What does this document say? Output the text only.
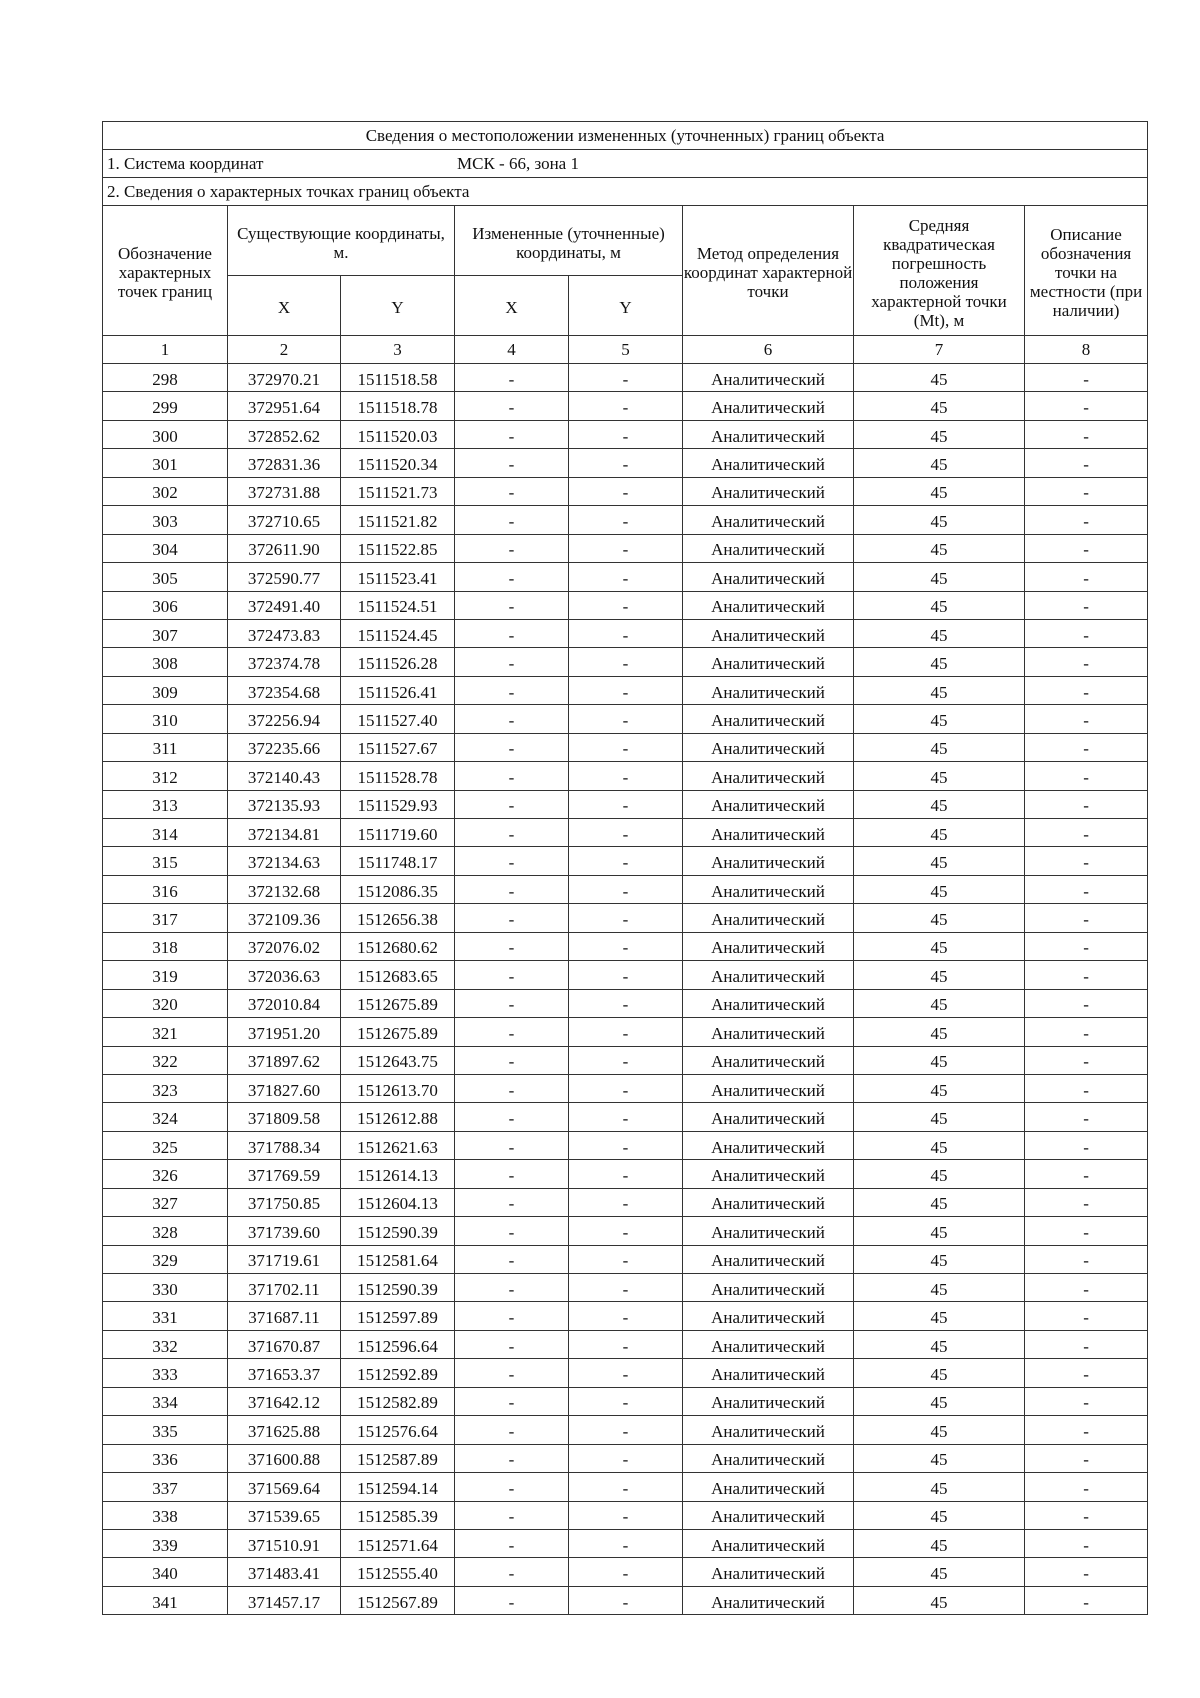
Сведения о местоположении измененных (уточненных) границ объекта							
1. Система координат МСК - 66, зона 1							
2. Сведения о характерных точках границ объекта							
Обозначение характерных точек границ	Существующие координаты, м.		Измененные (уточненные) координаты, м		Метод определения координат характерной точки	Средняя квадратическая погрешность положения характерной точки (Mt), м	Описание обозначения точки на местности (при наличии)
	X	Y	X	Y			
1	2	3	4	5	6	7	8
298	372970.21	1511518.58	-	-	Аналитический	45	-
299	372951.64	1511518.78	-	-	Аналитический	45	-
300	372852.62	1511520.03	-	-	Аналитический	45	-
301	372831.36	1511520.34	-	-	Аналитический	45	-
302	372731.88	1511521.73	-	-	Аналитический	45	-
303	372710.65	1511521.82	-	-	Аналитический	45	-
304	372611.90	1511522.85	-	-	Аналитический	45	-
305	372590.77	1511523.41	-	-	Аналитический	45	-
306	372491.40	1511524.51	-	-	Аналитический	45	-
307	372473.83	1511524.45	-	-	Аналитический	45	-
308	372374.78	1511526.28	-	-	Аналитический	45	-
309	372354.68	1511526.41	-	-	Аналитический	45	-
310	372256.94	1511527.40	-	-	Аналитический	45	-
311	372235.66	1511527.67	-	-	Аналитический	45	-
312	372140.43	1511528.78	-	-	Аналитический	45	-
313	372135.93	1511529.93	-	-	Аналитический	45	-
314	372134.81	1511719.60	-	-	Аналитический	45	-
315	372134.63	1511748.17	-	-	Аналитический	45	-
316	372132.68	1512086.35	-	-	Аналитический	45	-
317	372109.36	1512656.38	-	-	Аналитический	45	-
318	372076.02	1512680.62	-	-	Аналитический	45	-
319	372036.63	1512683.65	-	-	Аналитический	45	-
320	372010.84	1512675.89	-	-	Аналитический	45	-
321	371951.20	1512675.89	-	-	Аналитический	45	-
322	371897.62	1512643.75	-	-	Аналитический	45	-
323	371827.60	1512613.70	-	-	Аналитический	45	-
324	371809.58	1512612.88	-	-	Аналитический	45	-
325	371788.34	1512621.63	-	-	Аналитический	45	-
326	371769.59	1512614.13	-	-	Аналитический	45	-
327	371750.85	1512604.13	-	-	Аналитический	45	-
328	371739.60	1512590.39	-	-	Аналитический	45	-
329	371719.61	1512581.64	-	-	Аналитический	45	-
330	371702.11	1512590.39	-	-	Аналитический	45	-
331	371687.11	1512597.89	-	-	Аналитический	45	-
332	371670.87	1512596.64	-	-	Аналитический	45	-
333	371653.37	1512592.89	-	-	Аналитический	45	-
334	371642.12	1512582.89	-	-	Аналитический	45	-
335	371625.88	1512576.64	-	-	Аналитический	45	-
336	371600.88	1512587.89	-	-	Аналитический	45	-
337	371569.64	1512594.14	-	-	Аналитический	45	-
338	371539.65	1512585.39	-	-	Аналитический	45	-
339	371510.91	1512571.64	-	-	Аналитический	45	-
340	371483.41	1512555.40	-	-	Аналитический	45	-
341	371457.17	1512567.89	-	-	Аналитический	45	-
